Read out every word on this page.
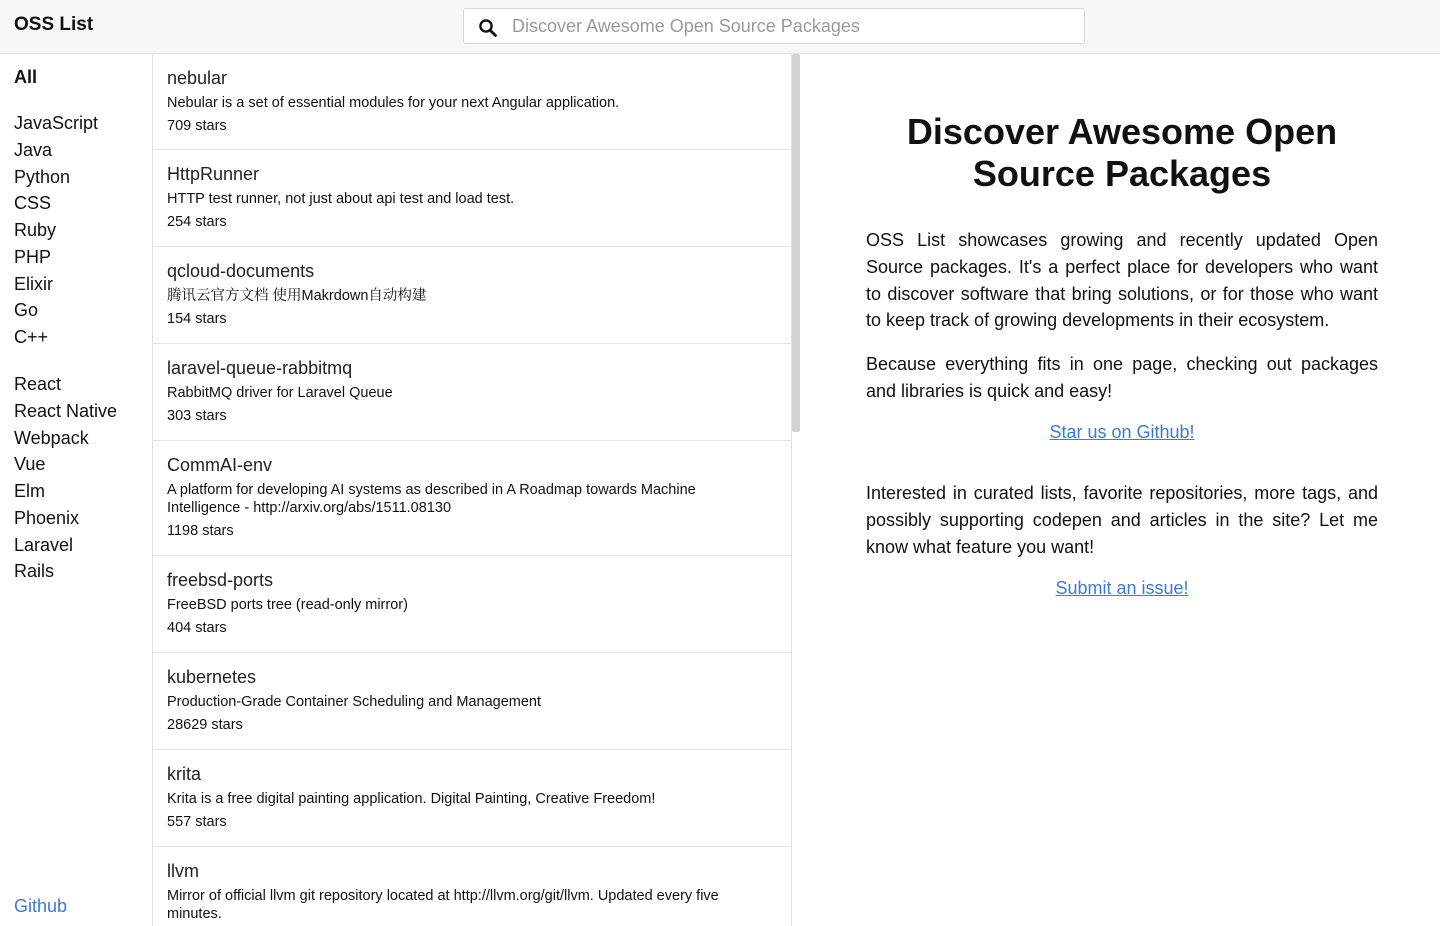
OSS List
Discover Awesome Open Source Packages
All
JavaScript
Java
Python
CSS
Ruby
PHP
Elixir
Go
C++
React
React Native
Webpack
Vue
Elm
Phoenix
Laravel
Rails
Github
nebular
Nebular is a set of essential modules for your next Angular application.
709 stars
HttpRunner
HTTP test runner, not just about api test and load test.
254 stars
qcloud-documents
腾讯云官方文档 使用Makrdown自动构建
154 stars
laravel-queue-rabbitmq
RabbitMQ driver for Laravel Queue
303 stars
CommAI-env
A platform for developing AI systems as described in A Roadmap towards Machine Intelligence - http://arxiv.org/abs/1511.08130
1198 stars
freebsd-ports
FreeBSD ports tree (read-only mirror)
404 stars
kubernetes
Production-Grade Container Scheduling and Management
28629 stars
krita
Krita is a free digital painting application. Digital Painting, Creative Freedom!
557 stars
llvm
Mirror of official llvm git repository located at http://llvm.org/git/llvm. Updated every five minutes.
Discover Awesome Open Source Packages

OSS List showcases growing and recently updated Open Source packages. It's a perfect place for developers who want to discover software that bring solutions, or for those who want to keep track of growing developments in their ecosystem.

Because everything fits in one page, checking out packages and libraries is quick and easy!

Star us on Github!

Interested in curated lists, favorite repositories, more tags, and possibly supporting codepen and articles in the site? Let me know what feature you want!

Submit an issue!
